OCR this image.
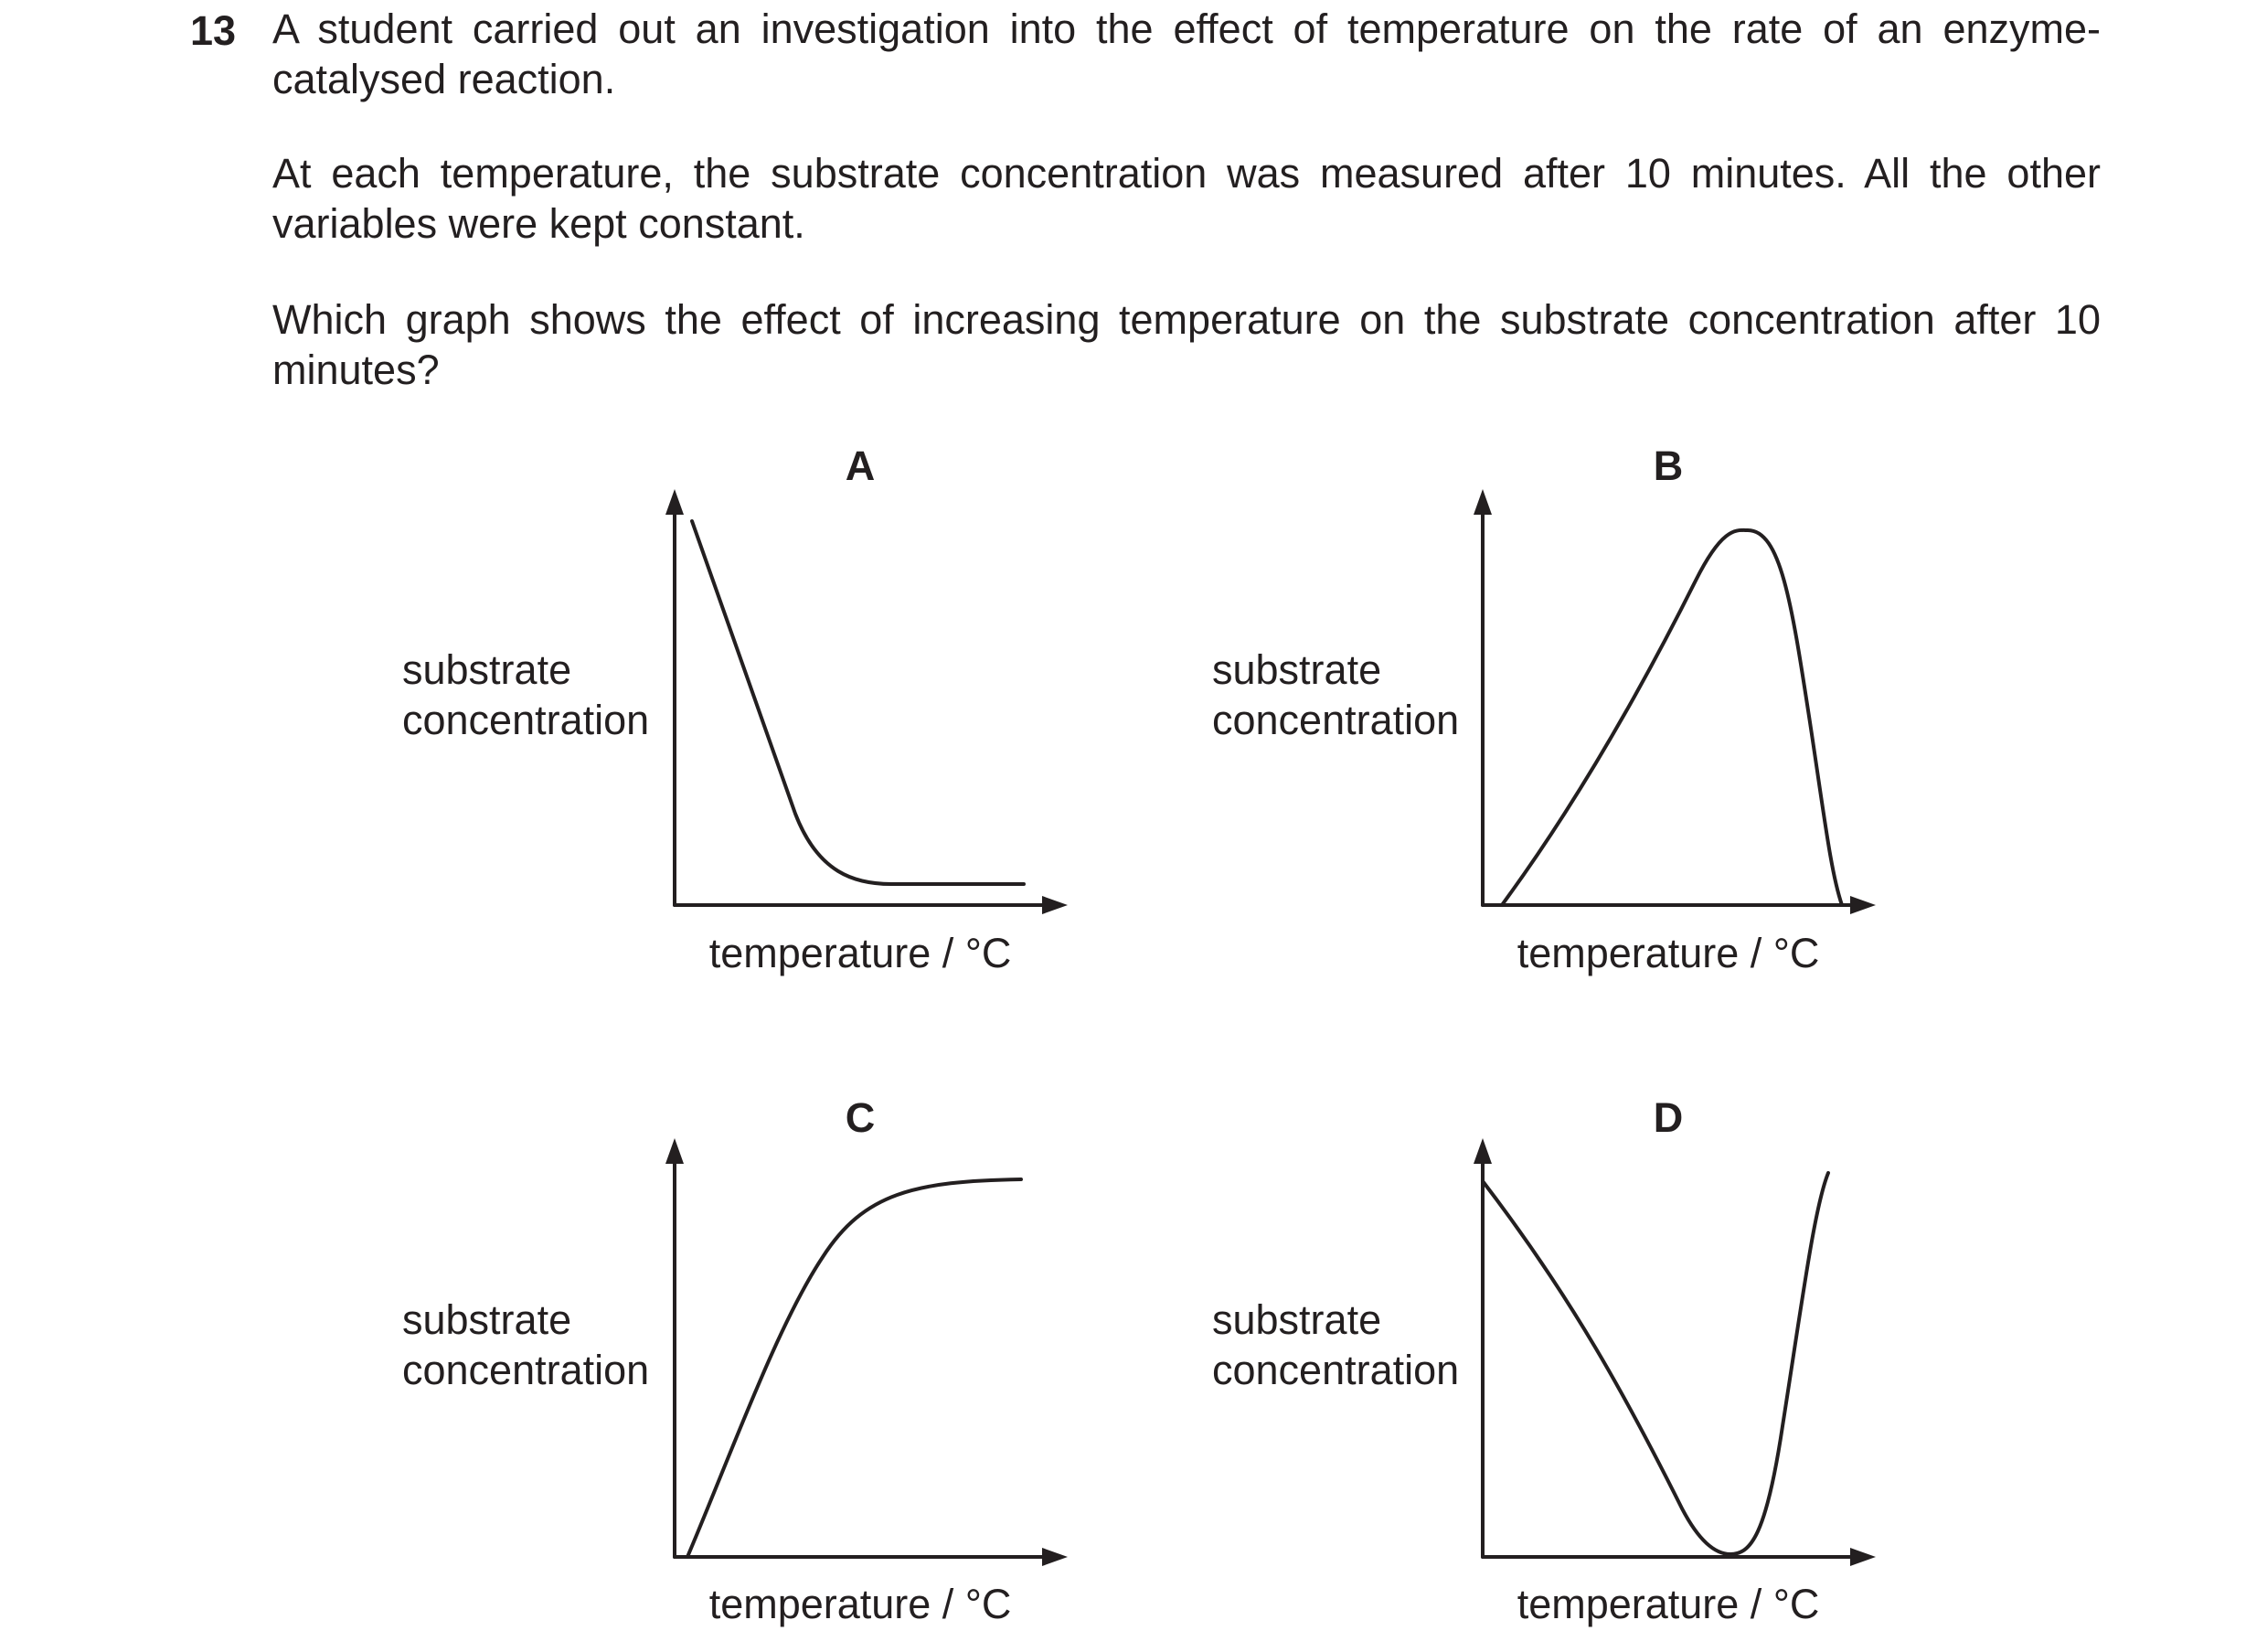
13 A student carried out an investigation into the effect of temperature on the rate of an enzyme-catalysed reaction.
At each temperature, the substrate concentration was measured after 10 minutes. All the other variables were kept constant.
Which graph shows the effect of increasing temperature on the substrate concentration after 10 minutes?
A
substrate
concentration
temperature / °C
B
substrate
concentration
temperature / °C
C
substrate
concentration
temperature / °C
D
substrate
concentration
temperature / °C
